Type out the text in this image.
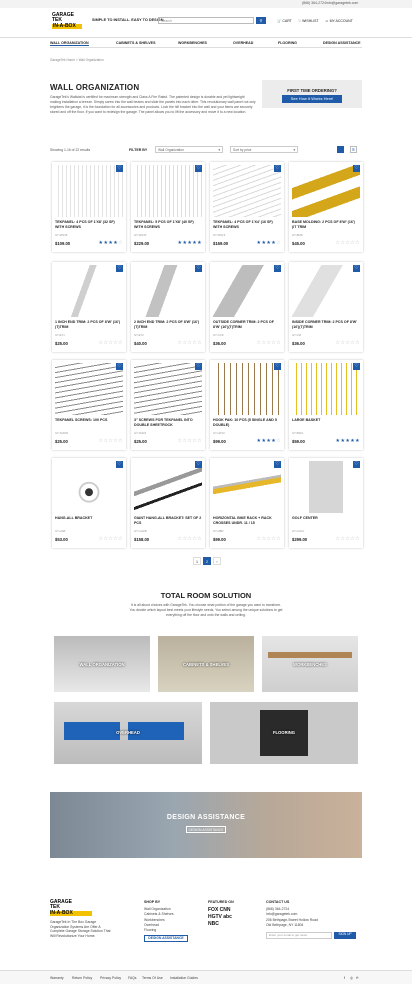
(866) 364-2724 info@garagetek.com
GARAGE
TEK
IN-A-BOX
SIMPLE TO INSTALL. EASY TO DESIGN.
Search	⚲	🛒 CART ♡ WISHLIST ☺ MY ACCOUNT
WALL ORGANIZATION	CABINETS & SHELVES	WORKBENCHES	OVERHEAD	FLOORING	DESIGN ASSISTANCE
GarageTek Home > Wall Organization
WALL ORGANIZATION
GarageTek's Wallslat is certified for maximum strength and Class A Fire Rated. The patented design is durable and yet lightweight making installation a breeze. Simply screw into the wall beams and slide the panels into each other. This revolutionary wall panel not only brightens the garage, it is the foundation for all accessories and products. Lock the hill bracket into the wall and your items are securely stored and off the floor. If you want to redesign the garage. The panel allows you to lift the accessory and move it to a new location.
FIRST TIME ORDERING?
See How It Works Here!
Showing 1-16 of 22 results	FILTER BY	Wall Organization	▾	Sort by price	▾	≡
♡
TEKPANEL: 4 PCS OF 1'X8' (32 SF) WITH SCREWS
GT-WS48
$109.00	★★★★☆
♡
TEKPANEL: 5 PCS OF 1'X8' (40 SF) WITH SCREWS
GT-WS40
$229.00	★★★★★
♡
TEKPANEL: 4 PCS OF 1'X4' (16 SF) WITH SCREWS
GT-WS16
$169.00	★★★★☆
♡
BASE MOLDING: 2 PCS OF 8'W' (16') (IT TRIM
GT-BM8
$45.00	☆☆☆☆☆
♡
1 INCH END TRIM: 2 PCS OF 8'W' (16')(T)TRIM
GT-ET1
$25.00	☆☆☆☆☆
♡
2 INCH END TRIM: 2 PCS OF 8'W' (16')(T)TRIM
GT-ET2
$40.00	☆☆☆☆☆
♡
OUTSIDE CORNER TRIM: 2 PCS OF 8'W' (16')(T)TRIM
GT-OC8
$36.00	☆☆☆☆☆
♡
INSIDE CORNER TRIM: 2 PCS OF 8'W' (16')(T)TRIM
GT-IC8
$36.00	☆☆☆☆☆
♡
TEKPANEL SCREWS: 100 PCS
GT-SCRW
$25.00	☆☆☆☆☆
♡
3" SCREWS FOR TEKPANEL INTO DOUBLE SHEETROCK
GT-SCR3
$25.00	☆☆☆☆☆
♡
HOOK PAK: 10 PCS (5 SINGLE AND 5 DOUBLE)
GT-HP10
$99.00	★★★★☆
♡
LARGE BASKET
GT-BSKL
$59.00	★★★★★
♡
HANG-ALL BRACKET
GT-HAB
$53.00	☆☆☆☆☆
♡
GIANT HANG-ALL BRACKET: SET OF 2 PCS
GT-GHAB
$158.00	☆☆☆☆☆
♡
HORIZONTAL BIKE RACK + RACK CROSSES UNDR. 11 / 15
GT-HBR
$99.00	☆☆☆☆☆
♡
GOLF CENTER
GT-GOLF
$299.00	☆☆☆☆☆
1	2	›
TOTAL ROOM SOLUTION
It is all about choices with GarageTek. You choose what portion of the garage you want to transform. You decide which layout best meets your lifestyle needs. You select among the unique solutions to get everything off the floor and onto the walls and ceiling.
WALL ORGANIZATION	CABINETS & SHELVES	WORKBENCHES
OVERHEAD	FLOORING
DESIGN ASSISTANCE
DESIGN ASSISTANCE
GARAGE
TEK
IN-A-BOX
GarageTek In The Box Garage Organization Systems Are Offer A Complete Garage Storage Solution That Will Revolutionize Your Home.
SHOP BY
Wall Organization
Cabinets & Shelves
Workbenches
Overhead
Flooring
DESIGN ASSISTANCE
FEATURED ON
FOX CNN
HGTV abc
NBC
CONTACT US
(866) 364-2724
info@garagetek.com
206 Bethpage-Sweet Hollow Road
Old Bethpage, NY 11804
Enter your email to get news	SIGN UP
Warranty Return Policy Privacy Policy FAQs Terms Of Use Installation Guides	f ◎ ℗
